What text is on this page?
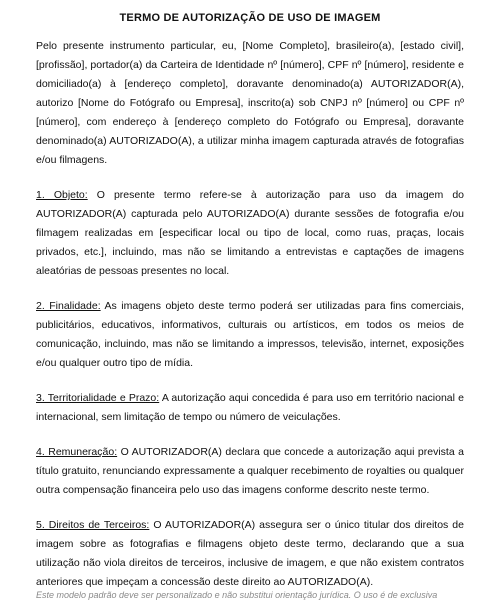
TERMO DE AUTORIZAÇÃO DE USO DE IMAGEM

Pelo presente instrumento particular, eu, [Nome Completo], brasileiro(a), [estado civil], [profissão], portador(a) da Carteira de Identidade nº [número], CPF nº [número], residente e domiciliado(a) à [endereço completo], doravante denominado(a) AUTORIZADOR(A), autorizo [Nome do Fotógrafo ou Empresa], inscrito(a) sob CNPJ nº [número] ou CPF nº [número], com endereço à [endereço completo do Fotógrafo ou Empresa], doravante denominado(a) AUTORIZADO(A), a utilizar minha imagem capturada através de fotografias e/ou filmagens.

1. Objeto: O presente termo refere-se à autorização para uso da imagem do AUTORIZADOR(A) capturada pelo AUTORIZADO(A) durante sessões de fotografia e/ou filmagem realizadas em [especificar local ou tipo de local, como ruas, praças, locais privados, etc.], incluindo, mas não se limitando a entrevistas e captações de imagens aleatórias de pessoas presentes no local.

2. Finalidade: As imagens objeto deste termo poderá ser utilizadas para fins comerciais, publicitários, educativos, informativos, culturais ou artísticos, em todos os meios de comunicação, incluindo, mas não se limitando a impressos, televisão, internet, exposições e/ou qualquer outro tipo de mídia.

3. Territorialidade e Prazo: A autorização aqui concedida é para uso em território nacional e internacional, sem limitação de tempo ou número de veiculações.

4. Remuneração: O AUTORIZADOR(A) declara que concede a autorização aqui prevista a título gratuito, renunciando expressamente a qualquer recebimento de royalties ou qualquer outra compensação financeira pelo uso das imagens conforme descrito neste termo.

5. Direitos de Terceiros: O AUTORIZADOR(A) assegura ser o único titular dos direitos de imagem sobre as fotografias e filmagens objeto deste termo, declarando que a sua utilização não viola direitos de terceiros, inclusive de imagem, e que não existem contratos anteriores que impeçam a concessão deste direito ao AUTORIZADO(A).

Este modelo padrão deve ser personalizado e não substitui orientação jurídica. O uso é de exclusiva
